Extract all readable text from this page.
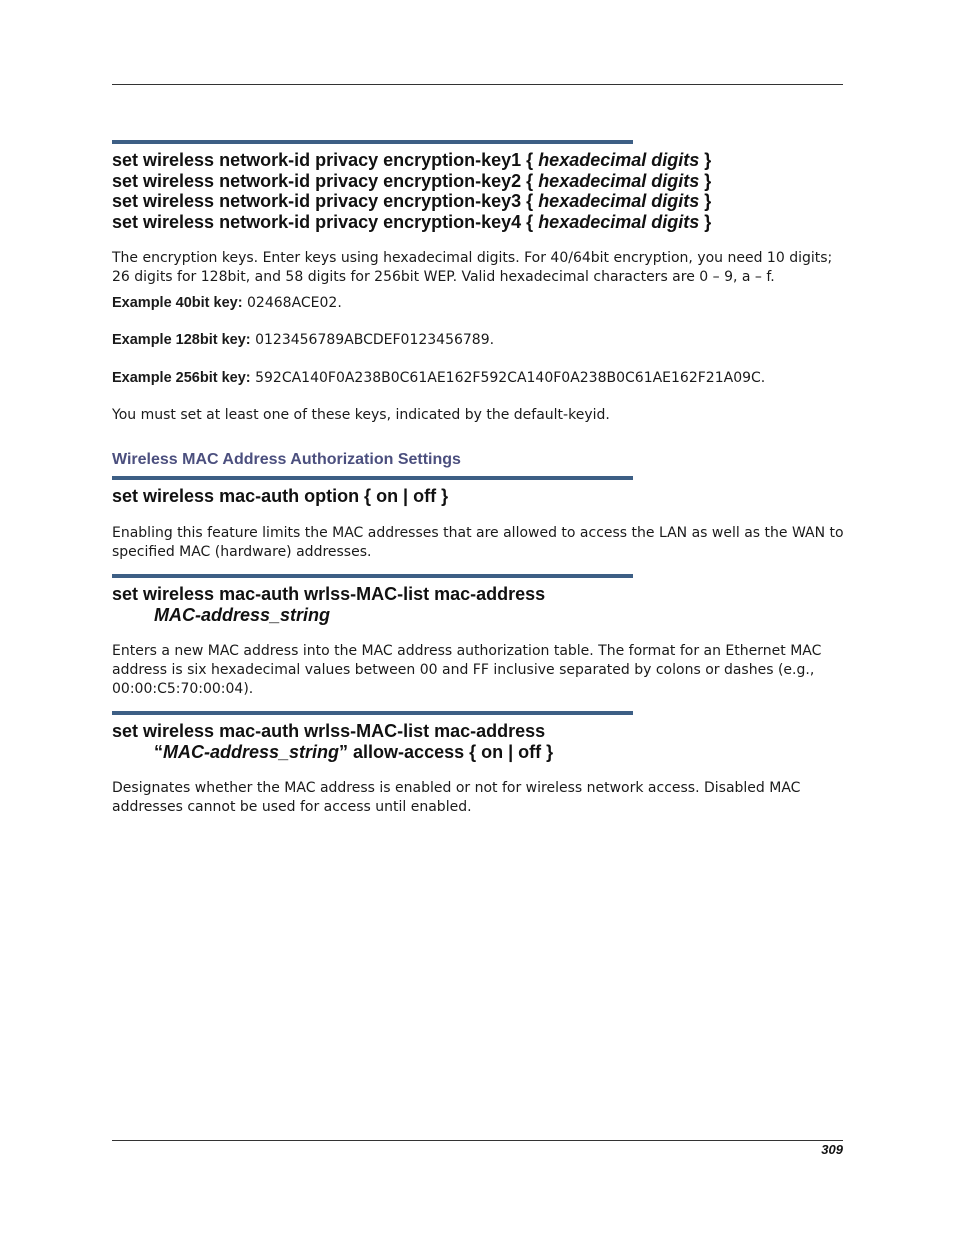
set wireless network-id privacy encryption-key1 { hexadecimal digits }
set wireless network-id privacy encryption-key2 { hexadecimal digits }
set wireless network-id privacy encryption-key3 { hexadecimal digits }
set wireless network-id privacy encryption-key4 { hexadecimal digits }
The encryption keys. Enter keys using hexadecimal digits. For 40/64bit encryption, you need 10 digits; 26 digits for 128bit, and 58 digits for 256bit WEP. Valid hexadecimal characters are 0 – 9, a – f.
Example 40bit key: 02468ACE02.
Example 128bit key: 0123456789ABCDEF0123456789.
Example 256bit key: 592CA140F0A238B0C61AE162F592CA140F0A238B0C61AE162F21A09C.
You must set at least one of these keys, indicated by the default-keyid.
Wireless MAC Address Authorization Settings
set wireless mac-auth option { on | off }
Enabling this feature limits the MAC addresses that are allowed to access the LAN as well as the WAN to specified MAC (hardware) addresses.
set wireless mac-auth wrlss-MAC-list mac-address
MAC-address_string
Enters a new MAC address into the MAC address authorization table. The format for an Ethernet MAC address is six hexadecimal values between 00 and FF inclusive separated by colons or dashes (e.g., 00:00:C5:70:00:04).
set wireless mac-auth wrlss-MAC-list mac-address
“MAC-address_string” allow-access { on | off }
Designates whether the MAC address is enabled or not for wireless network access. Disabled MAC addresses cannot be used for access until enabled.
309
